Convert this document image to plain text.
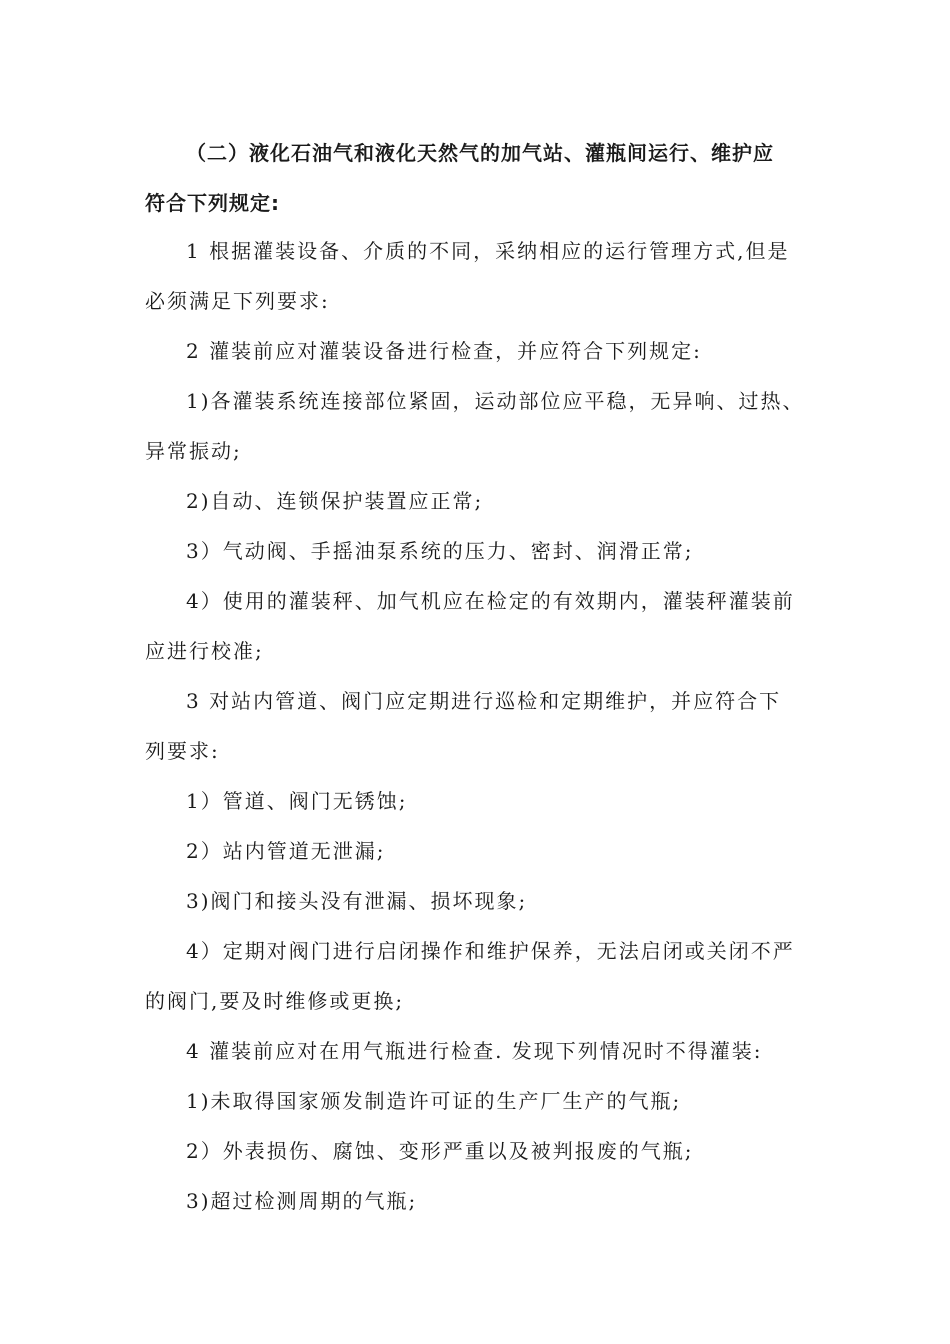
（二）液化石油气和液化天然气的加气站、灌瓶间运行、维护应
符合下列规定:
1 根据灌装设备、介质的不同，采纳相应的运行管理方式,但是
必须满足下列要求:
2 灌装前应对灌装设备进行检查，并应符合下列规定:
1)各灌装系统连接部位紧固，运动部位应平稳，无异响、过热、
异常振动;
2)自动、连锁保护装置应正常;
3）气动阀、手摇油泵系统的压力、密封、润滑正常;
4）使用的灌装秤、加气机应在检定的有效期内，灌装秤灌装前
应进行校准;
3 对站内管道、阀门应定期进行巡检和定期维护，并应符合下
列要求:
1）管道、阀门无锈蚀;
2）站内管道无泄漏;
3)阀门和接头没有泄漏、损坏现象;
4）定期对阀门进行启闭操作和维护保养，无法启闭或关闭不严
的阀门,要及时维修或更换;
4 灌装前应对在用气瓶进行检查. 发现下列情况时不得灌装:
1)未取得国家颁发制造许可证的生产厂生产的气瓶;
2）外表损伤、腐蚀、变形严重以及被判报废的气瓶;
3)超过检测周期的气瓶;
